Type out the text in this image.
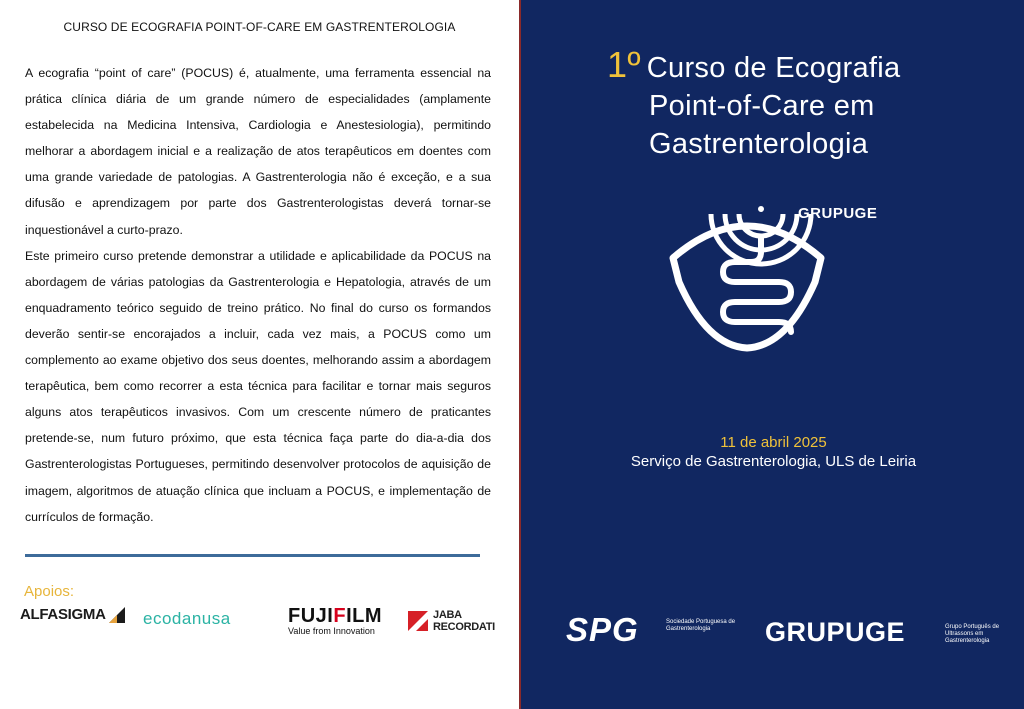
CURSO DE ECOGRAFIA POINT-OF-CARE EM GASTRENTEROLOGIA

A ecografia “point of care” (POCUS) é, atualmente, uma ferramenta essencial na prática clínica diária de um grande número de especialidades (amplamente estabelecida na Medicina Intensiva, Cardiologia e Anestesiologia), permitindo melhorar a abordagem inicial e a realização de atos terapêuticos em doentes com uma grande variedade de patologias. A Gastrenterologia não é exceção, e a sua difusão e aprendizagem por parte dos Gastrenterologistas deverá tornar-se inquestionável a curto-prazo.

Este primeiro curso pretende demonstrar a utilidade e aplicabilidade da POCUS na abordagem de várias patologias da Gastrenterologia e Hepatologia, através de um enquadramento teórico seguido de treino prático. No final do curso os formandos deverão sentir-se encorajados a incluir, cada vez mais, a POCUS como um complemento ao exame objetivo dos seus doentes, melhorando assim a abordagem terapêutica, bem como recorrer a esta técnica para facilitar e tornar mais seguros alguns atos terapêuticos invasivos. Com um crescente número de praticantes pretende-se, num futuro próximo, que esta técnica faça parte do dia-a-dia dos Gastrenterologistas Portugueses, permitindo desenvolver protocolos de aquisição de imagem, algoritmos de atuação clínica que incluam a POCUS, e implementação de currículos de formação.

Apoios:
ALFASIGMA	ecodanusa	FUJIFILM
Value from Innovation
JABA
RECORDATI
1º Curso de Ecografia
Point-of-Care em
Gastrenterologia
GRUPUGE
11 de abril 2025
Serviço de Gastrenterologia, ULS de Leiria
SPG	Sociedade Portuguesa de Gastrenterologia	GRUPUGE	Grupo Português de Ultrassons em Gastrenterologia
